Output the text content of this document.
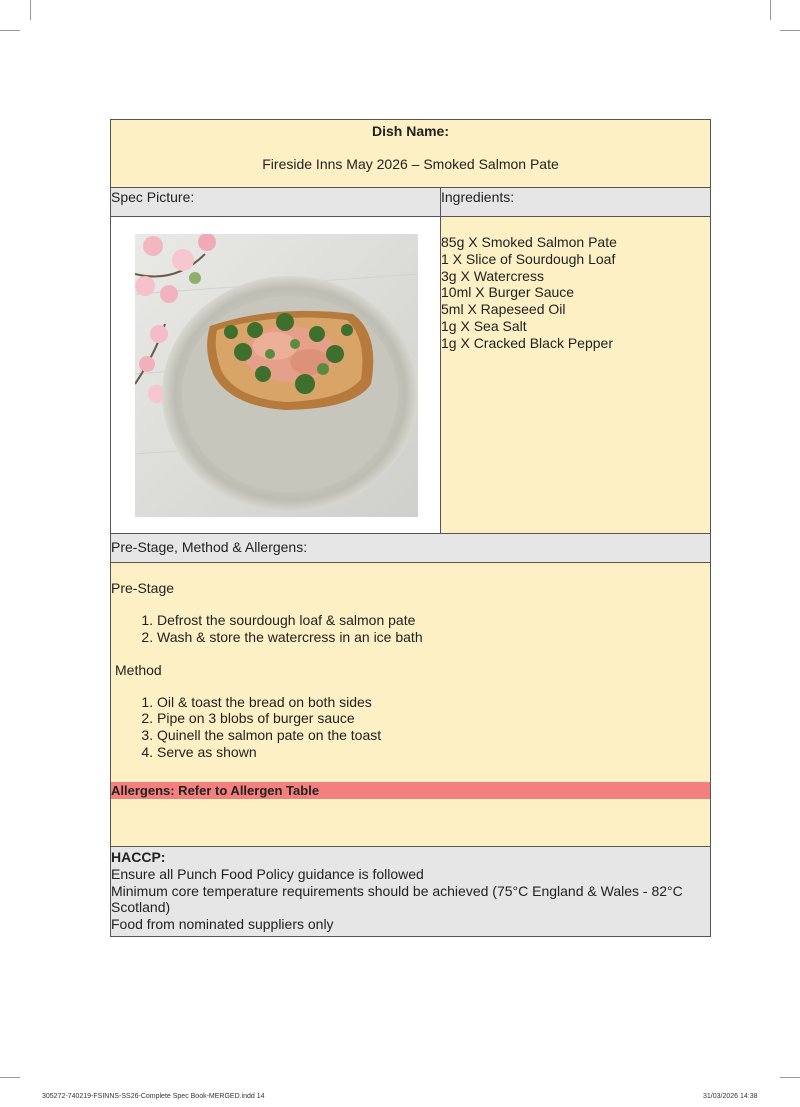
Dish Name:
Fireside Inns May 2026 – Smoked Salmon Pate
Spec Picture:	Ingredients:
85g X Smoked Salmon Pate
1 X Slice of Sourdough Loaf
3g X Watercress
10ml X Burger Sauce
5ml X Rapeseed Oil
1g X Sea Salt
1g X Cracked Black Pepper
Pre-Stage, Method & Allergens:
Pre-Stage
1. Defrost the sourdough loaf & salmon pate
2. Wash & store the watercress in an ice bath
Method
1. Oil & toast the bread on both sides
2. Pipe on 3 blobs of burger sauce
3. Quinell the salmon pate on the toast
4. Serve as shown
Allergens: Refer to Allergen Table
HACCP:
Ensure all Punch Food Policy guidance is followed
Minimum core temperature requirements should be achieved (75°C England & Wales - 82°C Scotland)
Food from nominated suppliers only
305272-740219-FSINNS-SS26-Complete Spec Book-MERGED.indd 14	31/03/2026 14:38
